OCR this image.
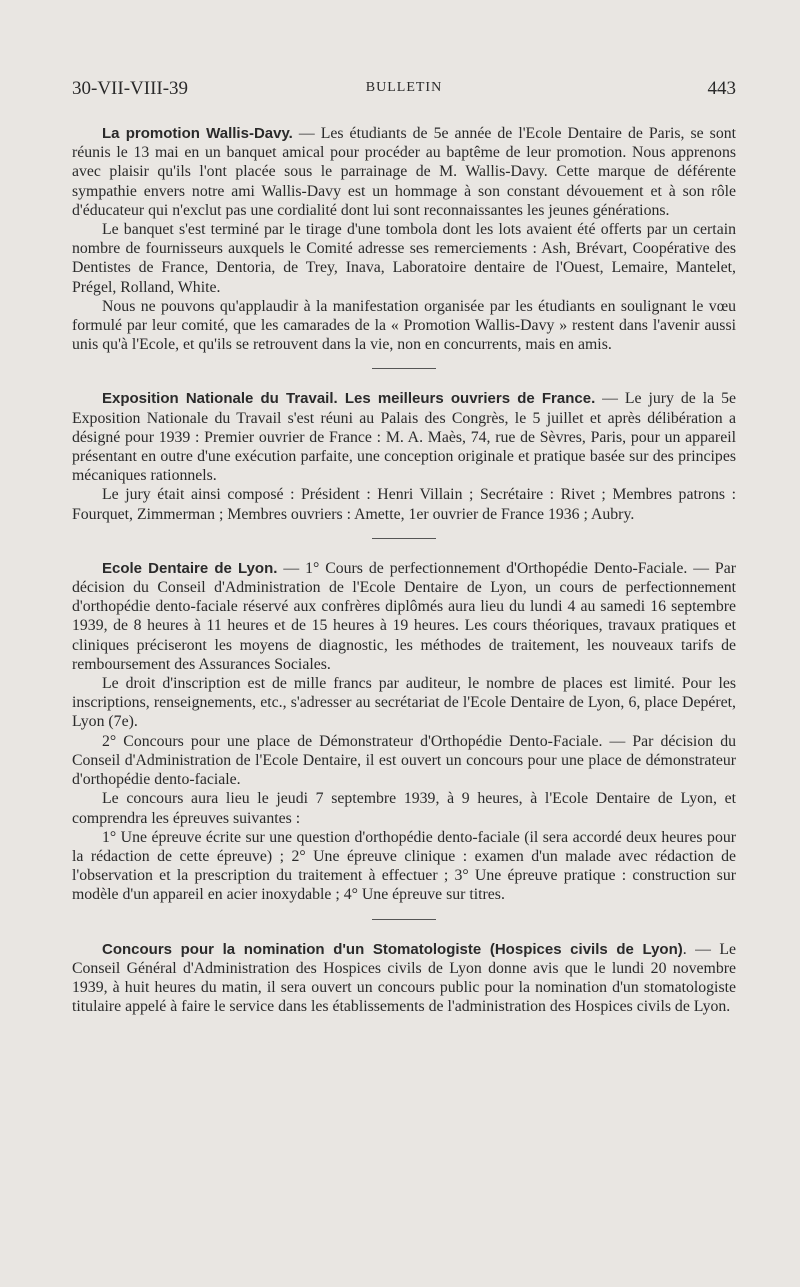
30-VII-VIII-39	BULLETIN	443

La promotion Wallis-Davy. — Les étudiants de 5e année de l'Ecole Dentaire de Paris, se sont réunis le 13 mai en un banquet amical pour procéder au baptême de leur promotion. Nous apprenons avec plaisir qu'ils l'ont placée sous le parrainage de M. Wallis-Davy. Cette marque de déférente sympathie envers notre ami Wallis-Davy est un hommage à son constant dévouement et à son rôle d'éducateur qui n'exclut pas une cordialité dont lui sont reconnaissantes les jeunes générations.

Le banquet s'est terminé par le tirage d'une tombola dont les lots avaient été offerts par un certain nombre de fournisseurs auxquels le Comité adresse ses remerciements : Ash, Brévart, Coopérative des Dentistes de France, Dentoria, de Trey, Inava, Laboratoire dentaire de l'Ouest, Lemaire, Mantelet, Prégel, Rolland, White.

Nous ne pouvons qu'applaudir à la manifestation organisée par les étudiants en soulignant le vœu formulé par leur comité, que les camarades de la « Promotion Wallis-Davy » restent dans l'avenir aussi unis qu'à l'Ecole, et qu'ils se retrouvent dans la vie, non en concurrents, mais en amis.

Exposition Nationale du Travail. Les meilleurs ouvriers de France. — Le jury de la 5e Exposition Nationale du Travail s'est réuni au Palais des Congrès, le 5 juillet et après délibération a désigné pour 1939 : Premier ouvrier de France : M. A. Maès, 74, rue de Sèvres, Paris, pour un appareil présentant en outre d'une exécution parfaite, une conception originale et pratique basée sur des principes mécaniques rationnels.

Le jury était ainsi composé : Président : Henri Villain ; Secrétaire : Rivet ; Membres patrons : Fourquet, Zimmerman ; Membres ouvriers : Amette, 1er ouvrier de France 1936 ; Aubry.

Ecole Dentaire de Lyon. — 1° Cours de perfectionnement d'Orthopédie Dento-Faciale. — Par décision du Conseil d'Administration de l'Ecole Dentaire de Lyon, un cours de perfectionnement d'orthopédie dento-faciale réservé aux confrères diplômés aura lieu du lundi 4 au samedi 16 septembre 1939, de 8 heures à 11 heures et de 15 heures à 19 heures. Les cours théoriques, travaux pratiques et cliniques préciseront les moyens de diagnostic, les méthodes de traitement, les nouveaux tarifs de remboursement des Assurances Sociales.

Le droit d'inscription est de mille francs par auditeur, le nombre de places est limité. Pour les inscriptions, renseignements, etc., s'adresser au secrétariat de l'Ecole Dentaire de Lyon, 6, place Depéret, Lyon (7e).

2° Concours pour une place de Démonstrateur d'Orthopédie Dento-Faciale. — Par décision du Conseil d'Administration de l'Ecole Dentaire, il est ouvert un concours pour une place de démonstrateur d'orthopédie dento-faciale.

Le concours aura lieu le jeudi 7 septembre 1939, à 9 heures, à l'Ecole Dentaire de Lyon, et comprendra les épreuves suivantes :

1° Une épreuve écrite sur une question d'orthopédie dento-faciale (il sera accordé deux heures pour la rédaction de cette épreuve) ; 2° Une épreuve clinique : examen d'un malade avec rédaction de l'observation et la prescription du traitement à effectuer ; 3° Une épreuve pratique : construction sur modèle d'un appareil en acier inoxydable ; 4° Une épreuve sur titres.

Concours pour la nomination d'un Stomatologiste (Hospices civils de Lyon). — Le Conseil Général d'Administration des Hospices civils de Lyon donne avis que le lundi 20 novembre 1939, à huit heures du matin, il sera ouvert un concours public pour la nomination d'un stomatologiste titulaire appelé à faire le service dans les établissements de l'administration des Hospices civils de Lyon.
